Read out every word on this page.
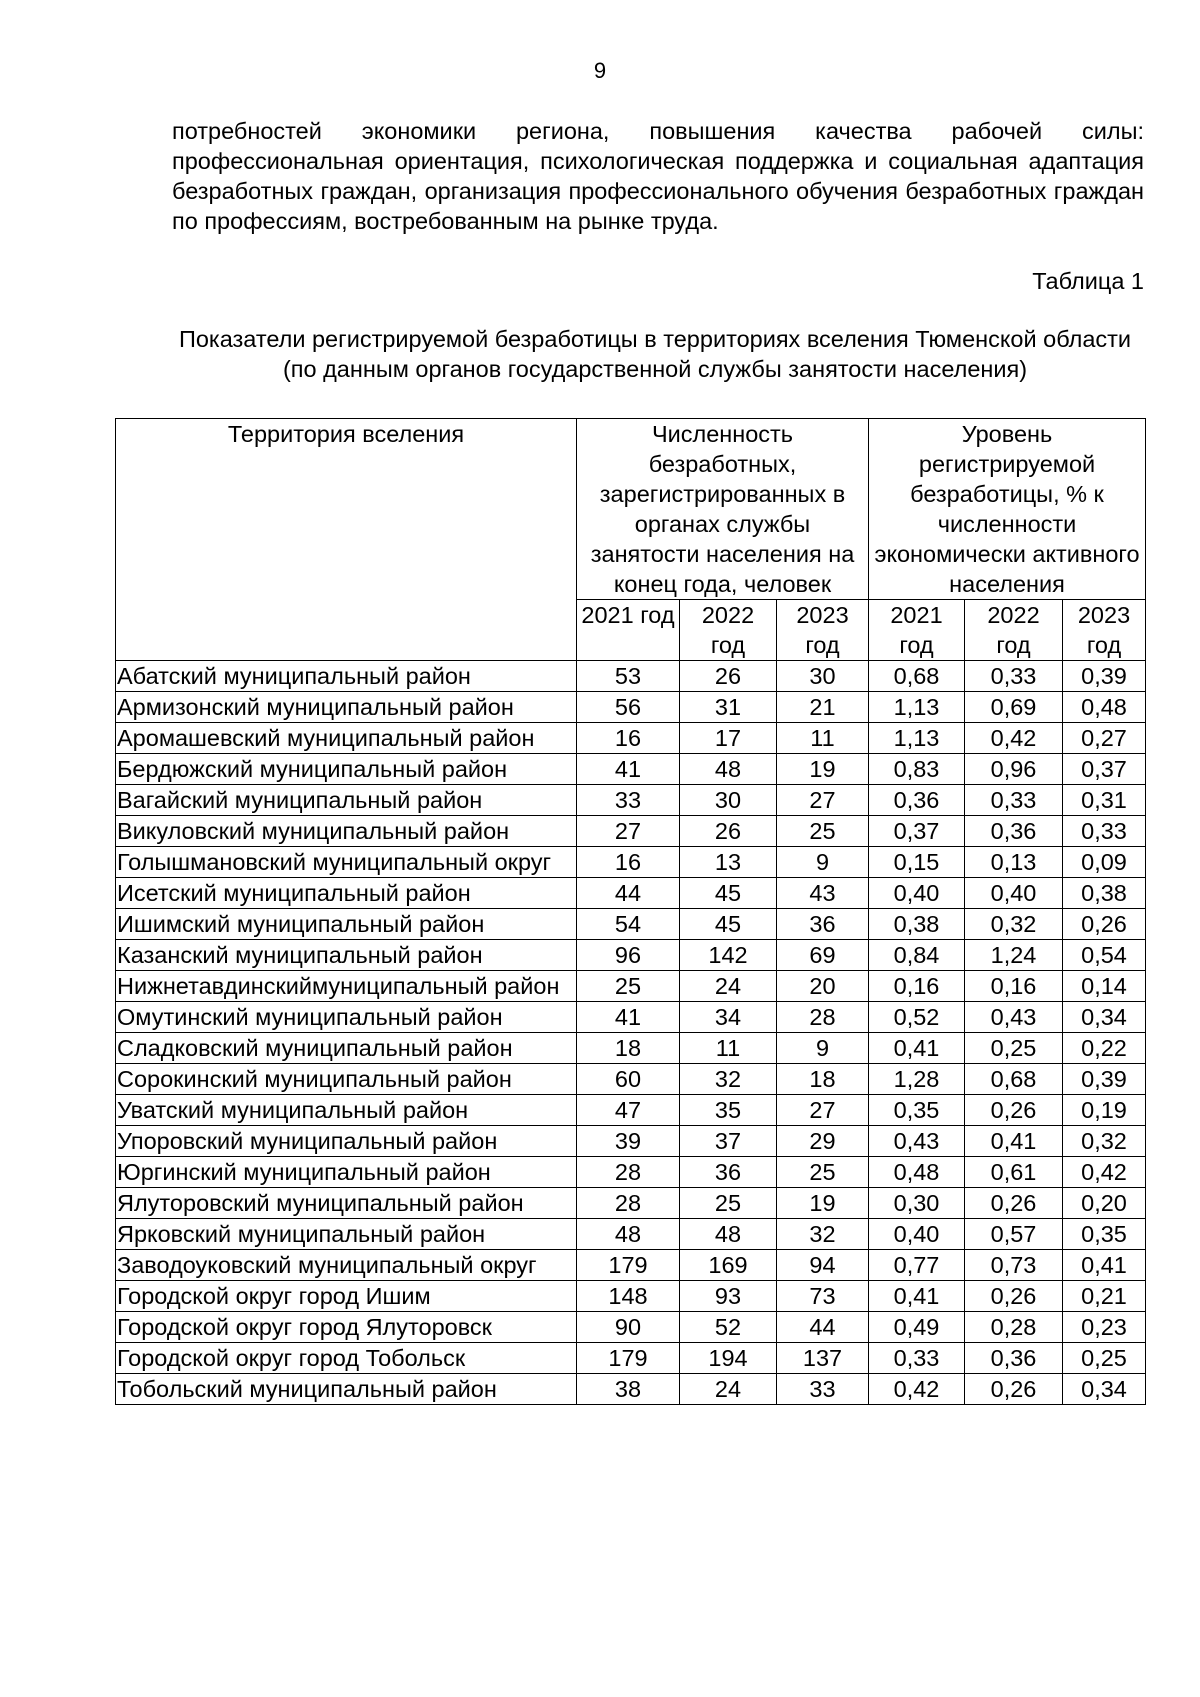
9

потребностей экономики региона, повышения качества рабочей силы: профессиональная ориентация, психологическая поддержка и социальная адаптация безработных граждан, организация профессионального обучения безработных граждан по профессиям, востребованным на рынке труда.

Таблица 1

Показатели регистрируемой безработицы в территориях вселения Тюменской области (по данным органов государственной службы занятости населения)

Территория вселения	Численность безработных, зарегистрированных в органах службы занятости населения на конец года, человек			Уровень регистрируемой безработицы, % к численности экономически активного населения		
	2021 год	2022 год	2023 год	2021 год	2022 год	2023 год
Абатский муниципальный район	53	26	30	0,68	0,33	0,39
Армизонский муниципальный район	56	31	21	1,13	0,69	0,48
Аромашевский муниципальный район	16	17	11	1,13	0,42	0,27
Бердюжский муниципальный район	41	48	19	0,83	0,96	0,37
Вагайский муниципальный район	33	30	27	0,36	0,33	0,31
Викуловский муниципальный район	27	26	25	0,37	0,36	0,33
Голышмановский муниципальный округ	16	13	9	0,15	0,13	0,09
Исетский муниципальный район	44	45	43	0,40	0,40	0,38
Ишимский муниципальный район	54	45	36	0,38	0,32	0,26
Казанский муниципальный район	96	142	69	0,84	1,24	0,54
Нижнетавдинскиймуниципальный район	25	24	20	0,16	0,16	0,14
Омутинский муниципальный район	41	34	28	0,52	0,43	0,34
Сладковский муниципальный район	18	11	9	0,41	0,25	0,22
Сорокинский муниципальный район	60	32	18	1,28	0,68	0,39
Уватский муниципальный район	47	35	27	0,35	0,26	0,19
Упоровский муниципальный район	39	37	29	0,43	0,41	0,32
Юргинский муниципальный район	28	36	25	0,48	0,61	0,42
Ялуторовский муниципальный район	28	25	19	0,30	0,26	0,20
Ярковский муниципальный район	48	48	32	0,40	0,57	0,35
Заводоуковский муниципальный округ	179	169	94	0,77	0,73	0,41
Городской округ город Ишим	148	93	73	0,41	0,26	0,21
Городской округ город Ялуторовск	90	52	44	0,49	0,28	0,23
Городской округ город Тобольск	179	194	137	0,33	0,36	0,25
Тобольский муниципальный район	38	24	33	0,42	0,26	0,34
